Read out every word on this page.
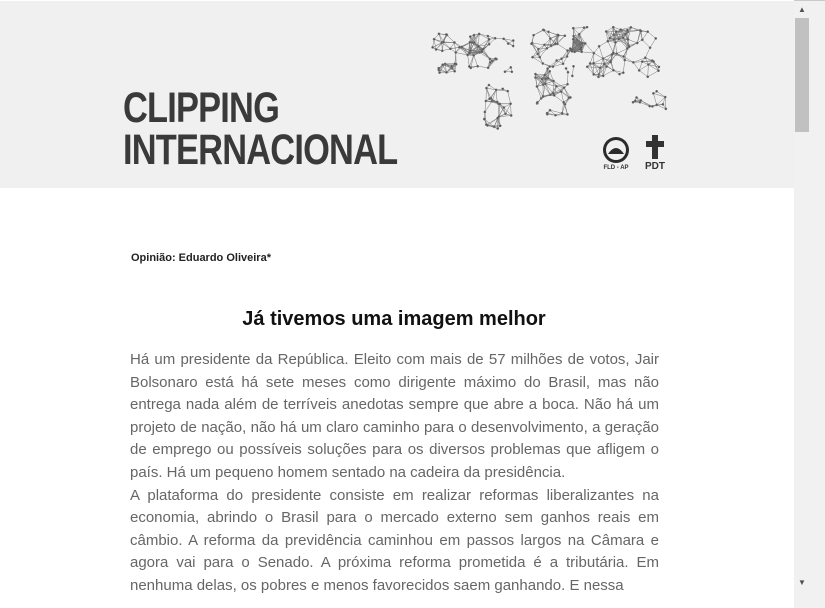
CLIPPING
INTERNACIONAL	FLD - AP PDT
Opinião: Eduardo Oliveira*
Já tivemos uma imagem melhor

Há um presidente da República. Eleito com mais de 57 milhões de votos, Jair Bolsonaro está há sete meses como dirigente máximo do Brasil, mas não entrega nada além de terríveis anedotas sempre que abre a boca. Não há um projeto de nação, não há um claro caminho para o desenvolvimento, a geração de emprego ou possíveis soluções para os diversos problemas que afligem o país. Há um pequeno homem sentado na cadeira da presidência.

A plataforma do presidente consiste em realizar reformas liberalizantes na economia, abrindo o Brasil para o mercado externo sem ganhos reais em câmbio. A reforma da previdência caminhou em passos largos na Câmara e agora vai para o Senado. A próxima reforma prometida é a tributária. Em nenhuma delas, os pobres e menos favorecidos saem ganhando. E nessa

▲
▼
